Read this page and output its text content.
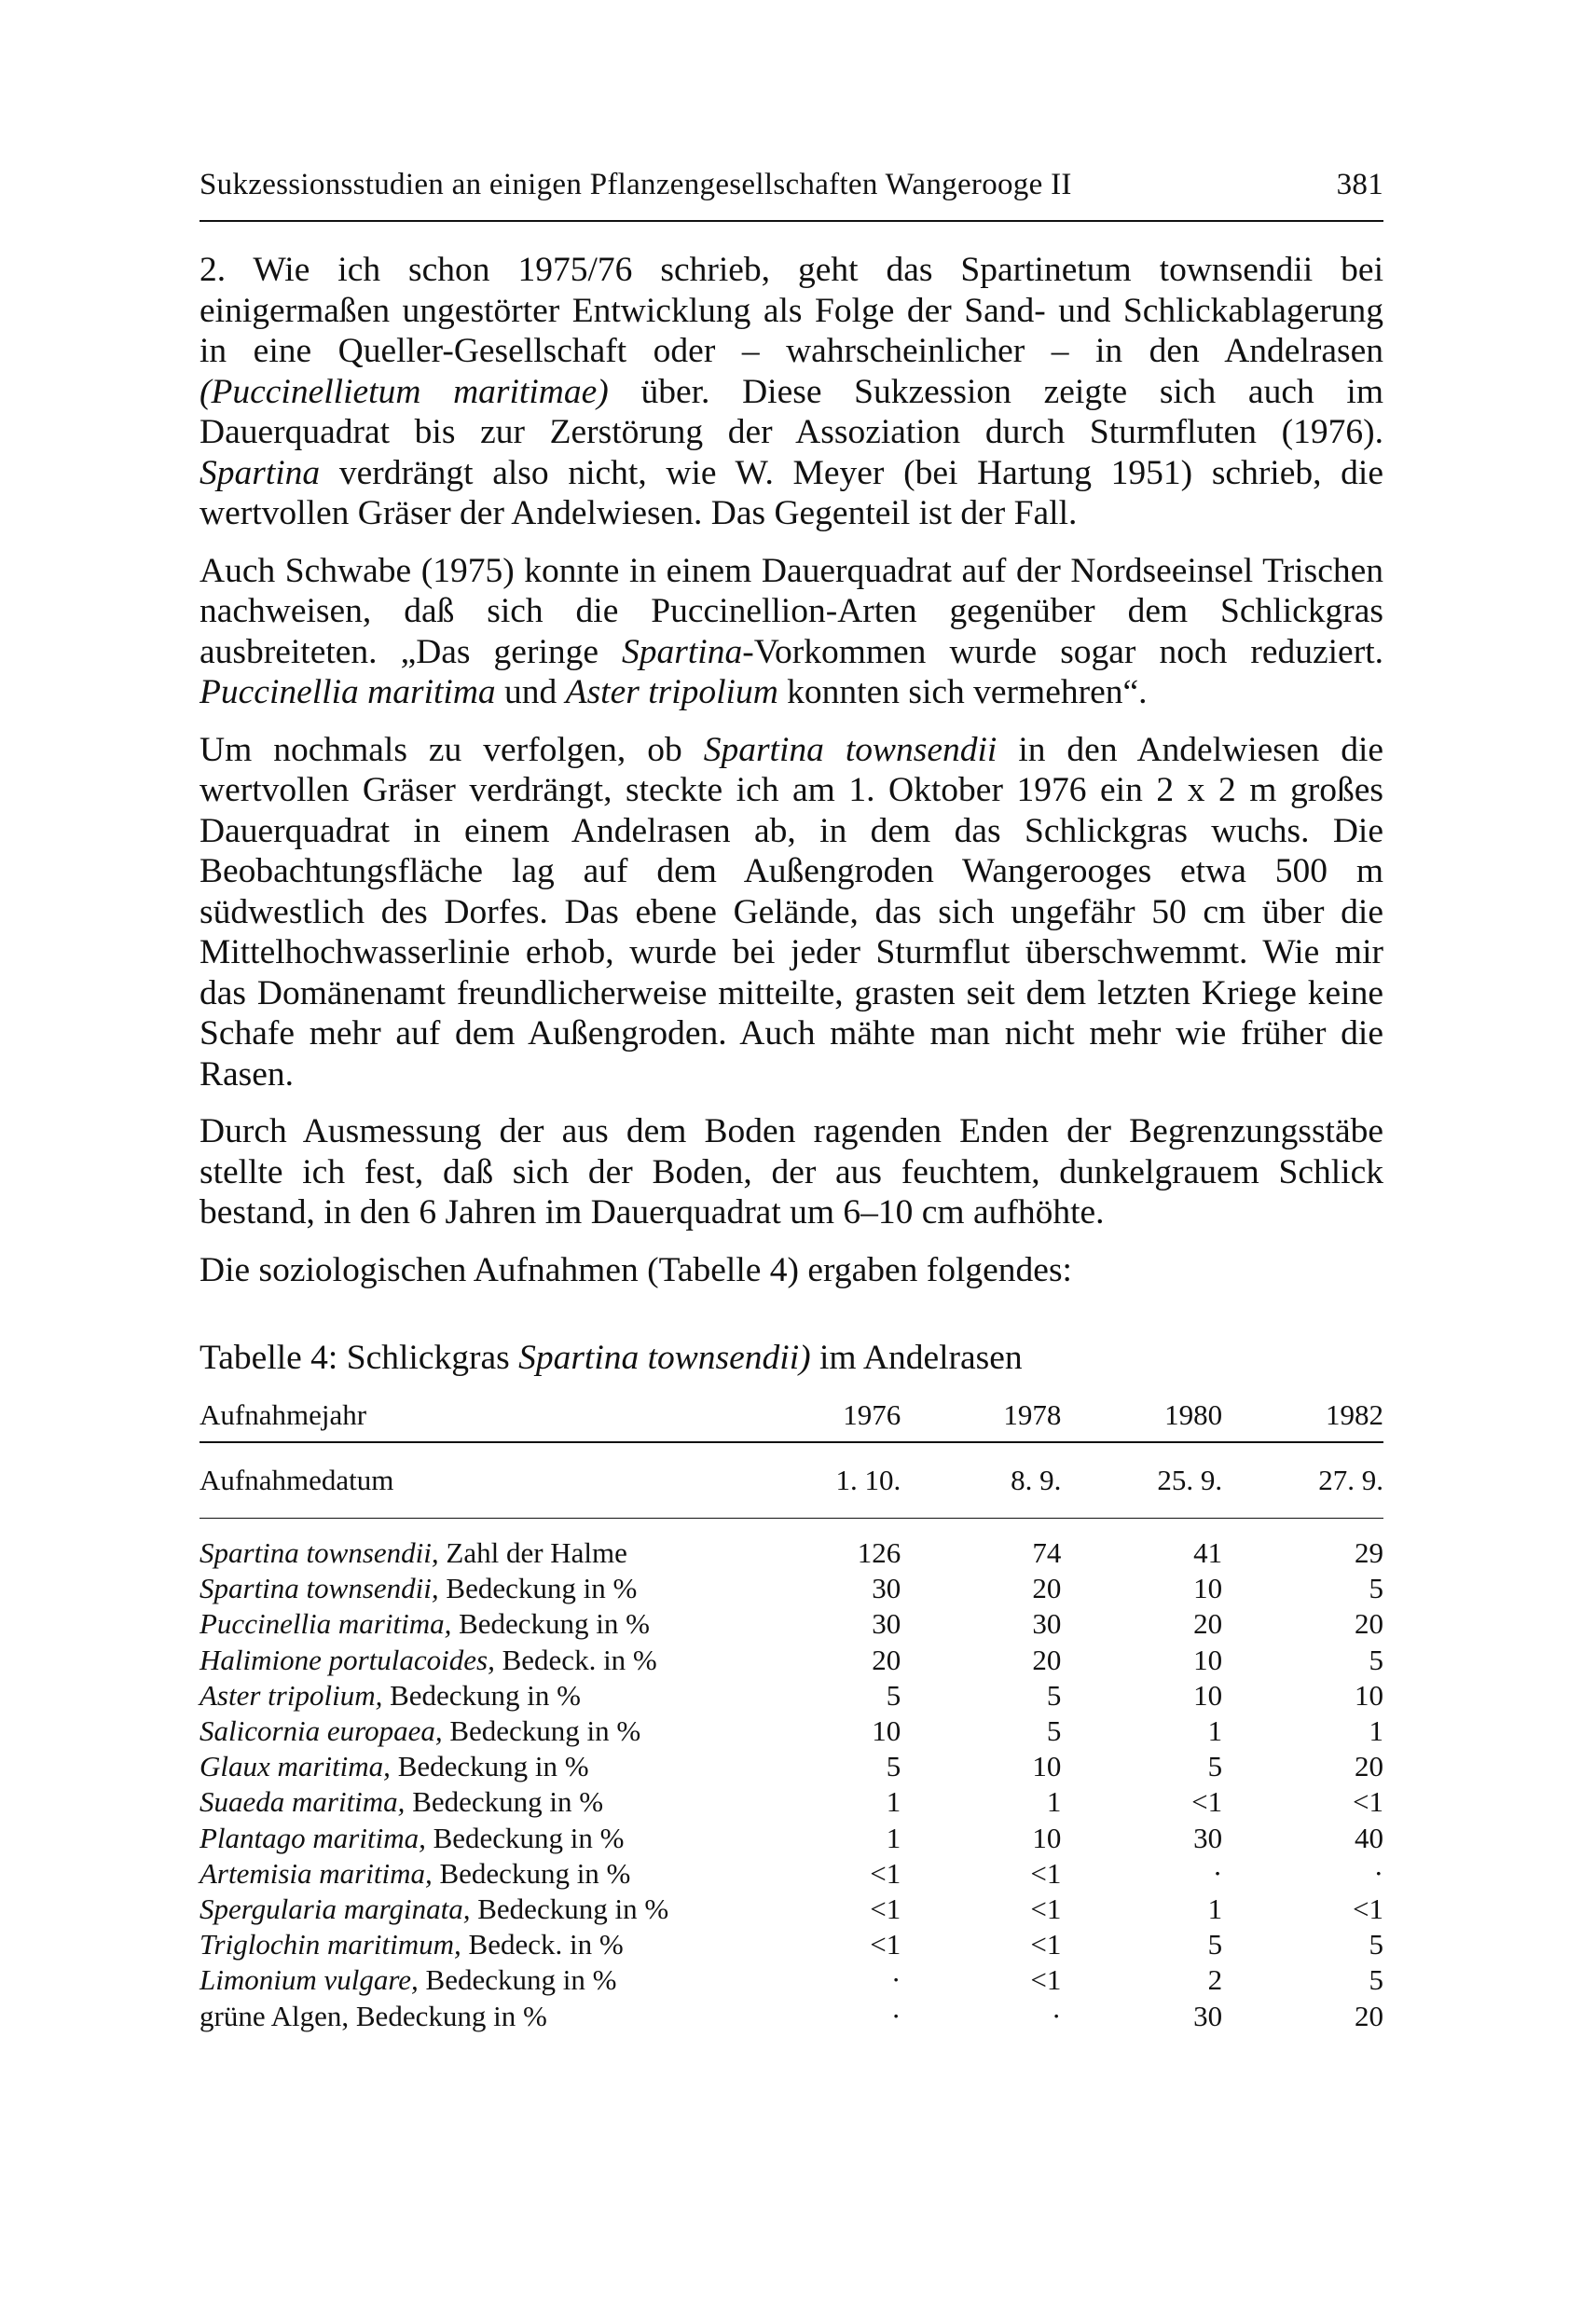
Sukzessionsstudien an einigen Pflanzengesellschaften Wangerooge II	381

2. Wie ich schon 1975/76 schrieb, geht das Spartinetum townsendii bei einigermaßen ungestörter Entwicklung als Folge der Sand- und Schlickablagerung in eine Queller-Gesellschaft oder – wahrscheinlicher – in den Andelrasen (Puccinellietum maritimae) über. Diese Sukzession zeigte sich auch im Dauerquadrat bis zur Zerstörung der Assoziation durch Sturmfluten (1976). Spartina verdrängt also nicht, wie W. Meyer (bei Hartung 1951) schrieb, die wertvollen Gräser der Andelwiesen. Das Gegenteil ist der Fall.

Auch Schwabe (1975) konnte in einem Dauerquadrat auf der Nordseeinsel Trischen nachweisen, daß sich die Puccinellion-Arten gegenüber dem Schlickgras ausbreiteten. „Das geringe Spartina-Vorkommen wurde sogar noch reduziert. Puccinellia maritima und Aster tripolium konnten sich vermehren“.

Um nochmals zu verfolgen, ob Spartina townsendii in den Andelwiesen die wertvollen Gräser verdrängt, steckte ich am 1. Oktober 1976 ein 2 x 2 m großes Dauerquadrat in einem Andelrasen ab, in dem das Schlickgras wuchs. Die Beobachtungsfläche lag auf dem Außengroden Wangerooges etwa 500 m südwestlich des Dorfes. Das ebene Gelände, das sich ungefähr 50 cm über die Mittelhochwasserlinie erhob, wurde bei jeder Sturmflut überschwemmt. Wie mir das Domänenamt freundlicherweise mitteilte, grasten seit dem letzten Kriege keine Schafe mehr auf dem Außengroden. Auch mähte man nicht mehr wie früher die Rasen.

Durch Ausmessung der aus dem Boden ragenden Enden der Begrenzungsstäbe stellte ich fest, daß sich der Boden, der aus feuchtem, dunkelgrauem Schlick bestand, in den 6 Jahren im Dauerquadrat um 6–10 cm aufhöhte.

Die soziologischen Aufnahmen (Tabelle 4) ergaben folgendes:

Tabelle 4: Schlickgras Spartina townsendii) im Andelrasen
Aufnahmejahr	1976	1978	1980	1982

Aufnahmedatum	1. 10.	8. 9.	25. 9.	27. 9.

Spartina townsendii, Zahl der Halme	126	74	41	29
Spartina townsendii, Bedeckung in %	30	20	10	5
Puccinellia maritima, Bedeckung in %	30	30	20	20
Halimione portulacoides, Bedeck. in %	20	20	10	5
Aster tripolium, Bedeckung in %	5	5	10	10
Salicornia europaea, Bedeckung in %	10	5	1	1
Glaux maritima, Bedeckung in %	5	10	5	20
Suaeda maritima, Bedeckung in %	1	1	<1	<1
Plantago maritima, Bedeckung in %	1	10	30	40
Artemisia maritima, Bedeckung in %	<1	<1	·	·
Spergularia marginata, Bedeckung in %	<1	<1	1	<1
Triglochin maritimum, Bedeck. in %	<1	<1	5	5
Limonium vulgare, Bedeckung in %	·	<1	2	5
grüne Algen, Bedeckung in %	·	·	30	20
